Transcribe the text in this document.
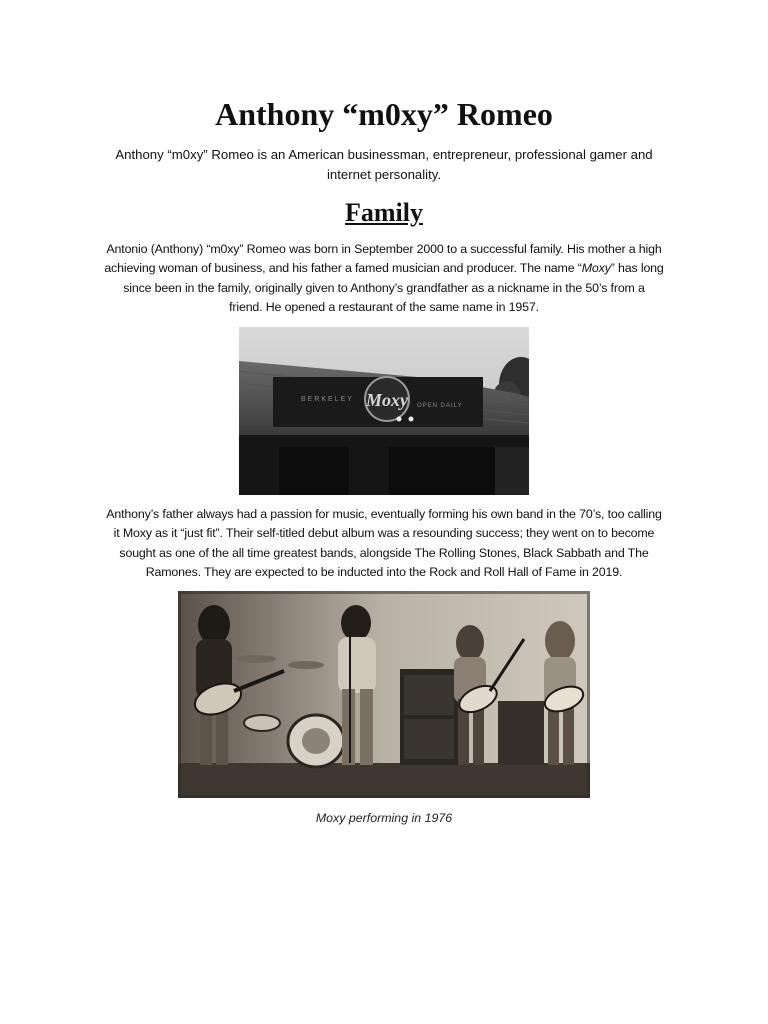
Anthony “m0xy” Romeo

Anthony “m0xy” Romeo is an American businessman, entrepreneur, professional gamer and
internet personality.

Family

Antonio (Anthony) “m0xy” Romeo was born in September 2000 to a successful family. His mother a high
achieving woman of business, and his father a famed musician and producer. The name “Moxy” has long
since been in the family, originally given to Anthony’s grandfather as a nickname in the 50’s from a
friend. He opened a restaurant of the same name in 1957.

BERKELEY
OPEN DAILY
Moxy

Anthony’s father always had a passion for music, eventually forming his own band in the 70’s, too calling
it Moxy as it “just fit”. Their self-titled debut album was a resounding success; they went on to become
sought as one of the all time greatest bands, alongside The Rolling Stones, Black Sabbath and The
Ramones. They are expected to be inducted into the Rock and Roll Hall of Fame in 2019.

Moxy performing in 1976
